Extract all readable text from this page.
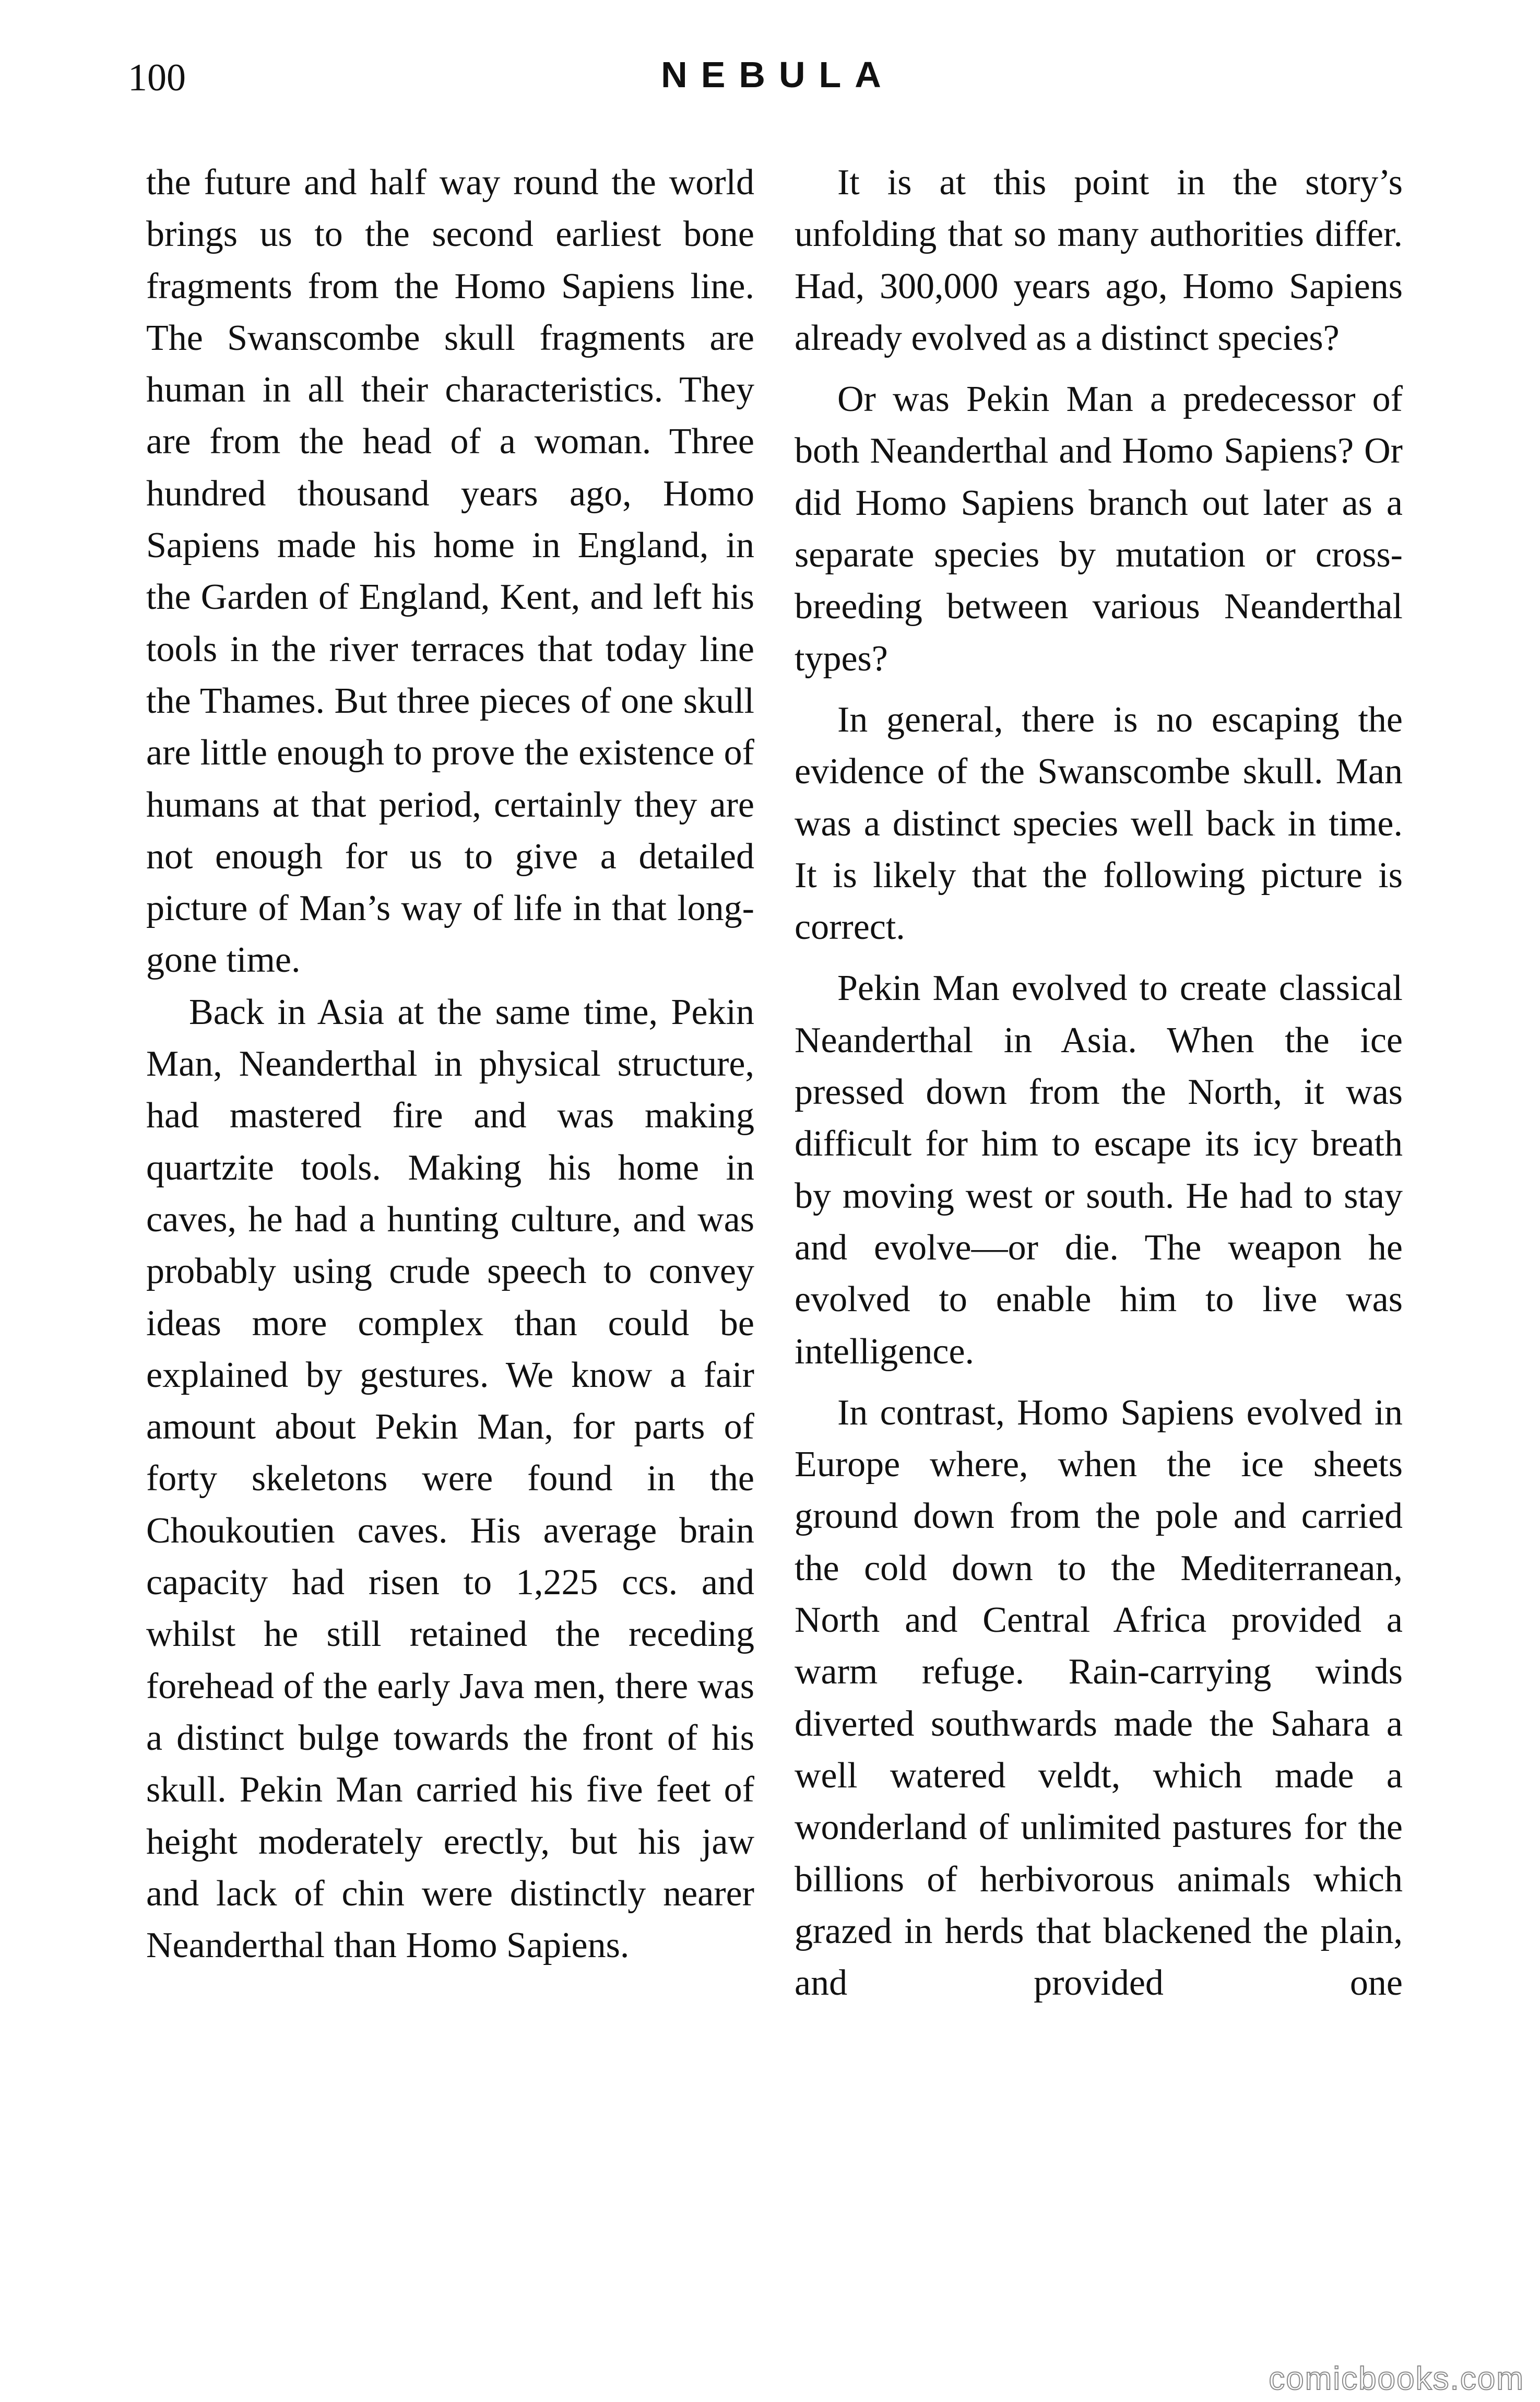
100	NEBULA

the future and half way round the world brings us to the second earliest bone fragments from the Homo Sapiens line. The Swanscombe skull fragments are human in all their characteristics. They are from the head of a woman. Three hundred thousand years ago, Homo Sapiens made his home in England, in the Garden of England, Kent, and left his tools in the river terraces that today line the Thames. But three pieces of one skull are little enough to prove the existence of humans at that period, certainly they are not enough for us to give a detailed picture of Man’s way of life in that long-gone time.

Back in Asia at the same time, Pekin Man, Neanderthal in physical structure, had mastered fire and was making quartzite tools. Making his home in caves, he had a hunting culture, and was probably using crude speech to convey ideas more complex than could be explained by gestures. We know a fair amount about Pekin Man, for parts of forty skeletons were found in the Choukoutien caves. His average brain capacity had risen to 1,225 ccs. and whilst he still retained the receding forehead of the early Java men, there was a distinct bulge towards the front of his skull. Pekin Man carried his five feet of height moderately erectly, but his jaw and lack of chin were distinctly nearer Neanderthal than Homo Sapiens.

It is at this point in the story’s unfolding that so many authorities differ. Had, 300,000 years ago, Homo Sapiens already evolved as a distinct species?

Or was Pekin Man a predecessor of both Neanderthal and Homo Sapiens? Or did Homo Sapiens branch out later as a separate species by mutation or cross-breeding between various Neanderthal types?

In general, there is no escaping the evidence of the Swanscombe skull. Man was a distinct species well back in time. It is likely that the following picture is correct.

Pekin Man evolved to create classical Neanderthal in Asia. When the ice pressed down from the North, it was difficult for him to escape its icy breath by moving west or south. He had to stay and evolve—or die. The weapon he evolved to enable him to live was intelligence.

In contrast, Homo Sapiens evolved in Europe where, when the ice sheets ground down from the pole and carried the cold down to the Mediterranean, North and Central Africa provided a warm refuge. Rain-carrying winds diverted southwards made the Sahara a well watered veldt, which made a wonderland of unlimited pastures for the billions of herbivorous animals which grazed in herds that blackened the plain, and provided one

comicbooks.com
